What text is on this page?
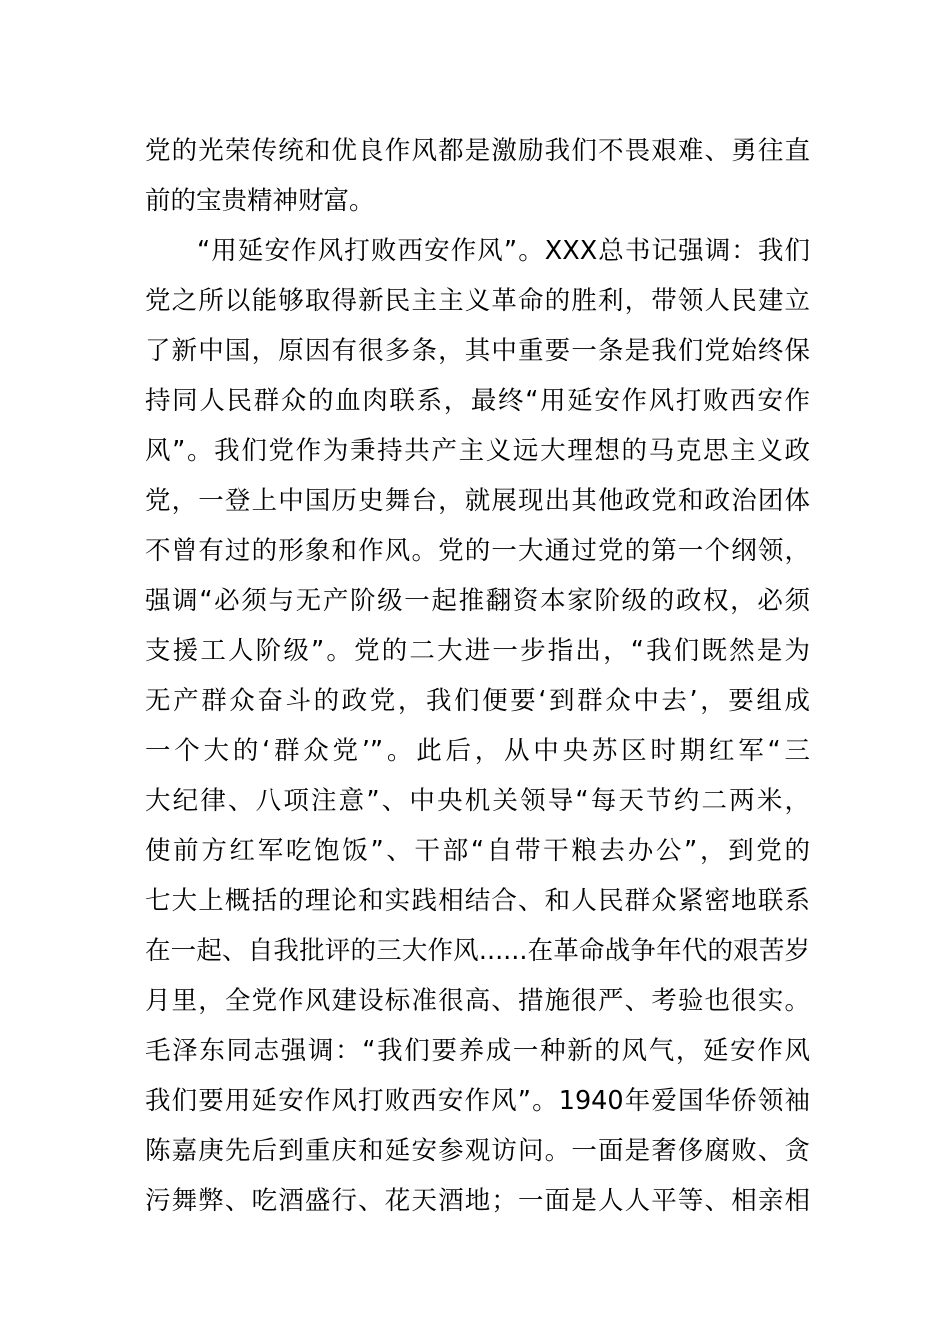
党的光荣传统和优良作风都是激励我们不畏艰难、勇往直
前的宝贵精神财富。
“用延安作风打败西安作风”。XXX总书记强调：我们
党之所以能够取得新民主主义革命的胜利，带领人民建立
了新中国，原因有很多条，其中重要一条是我们党始终保
持同人民群众的血肉联系，最终“用延安作风打败西安作
风”。我们党作为秉持共产主义远大理想的马克思主义政
党，一登上中国历史舞台，就展现出其他政党和政治团体
不曾有过的形象和作风。党的一大通过党的第一个纲领，
强调“必须与无产阶级一起推翻资本家阶级的政权，必须
支援工人阶级”。党的二大进一步指出，“我们既然是为
无产群众奋斗的政党，我们便要‘到群众中去’，要组成
一个大的‘群众党’”。此后，从中央苏区时期红军“三
大纪律、八项注意”、中央机关领导“每天节约二两米，
使前方红军吃饱饭”、干部“自带干粮去办公”，到党的
七大上概括的理论和实践相结合、和人民群众紧密地联系
在一起、自我批评的三大作风......在革命战争年代的艰苦岁
月里，全党作风建设标准很高、措施很严、考验也很实。
毛泽东同志强调：“我们要养成一种新的风气，延安作风
我们要用延安作风打败西安作风”。1940年爱国华侨领袖
陈嘉庚先后到重庆和延安参观访问。一面是奢侈腐败、贪
污舞弊、吃酒盛行、花天酒地；一面是人人平等、相亲相
